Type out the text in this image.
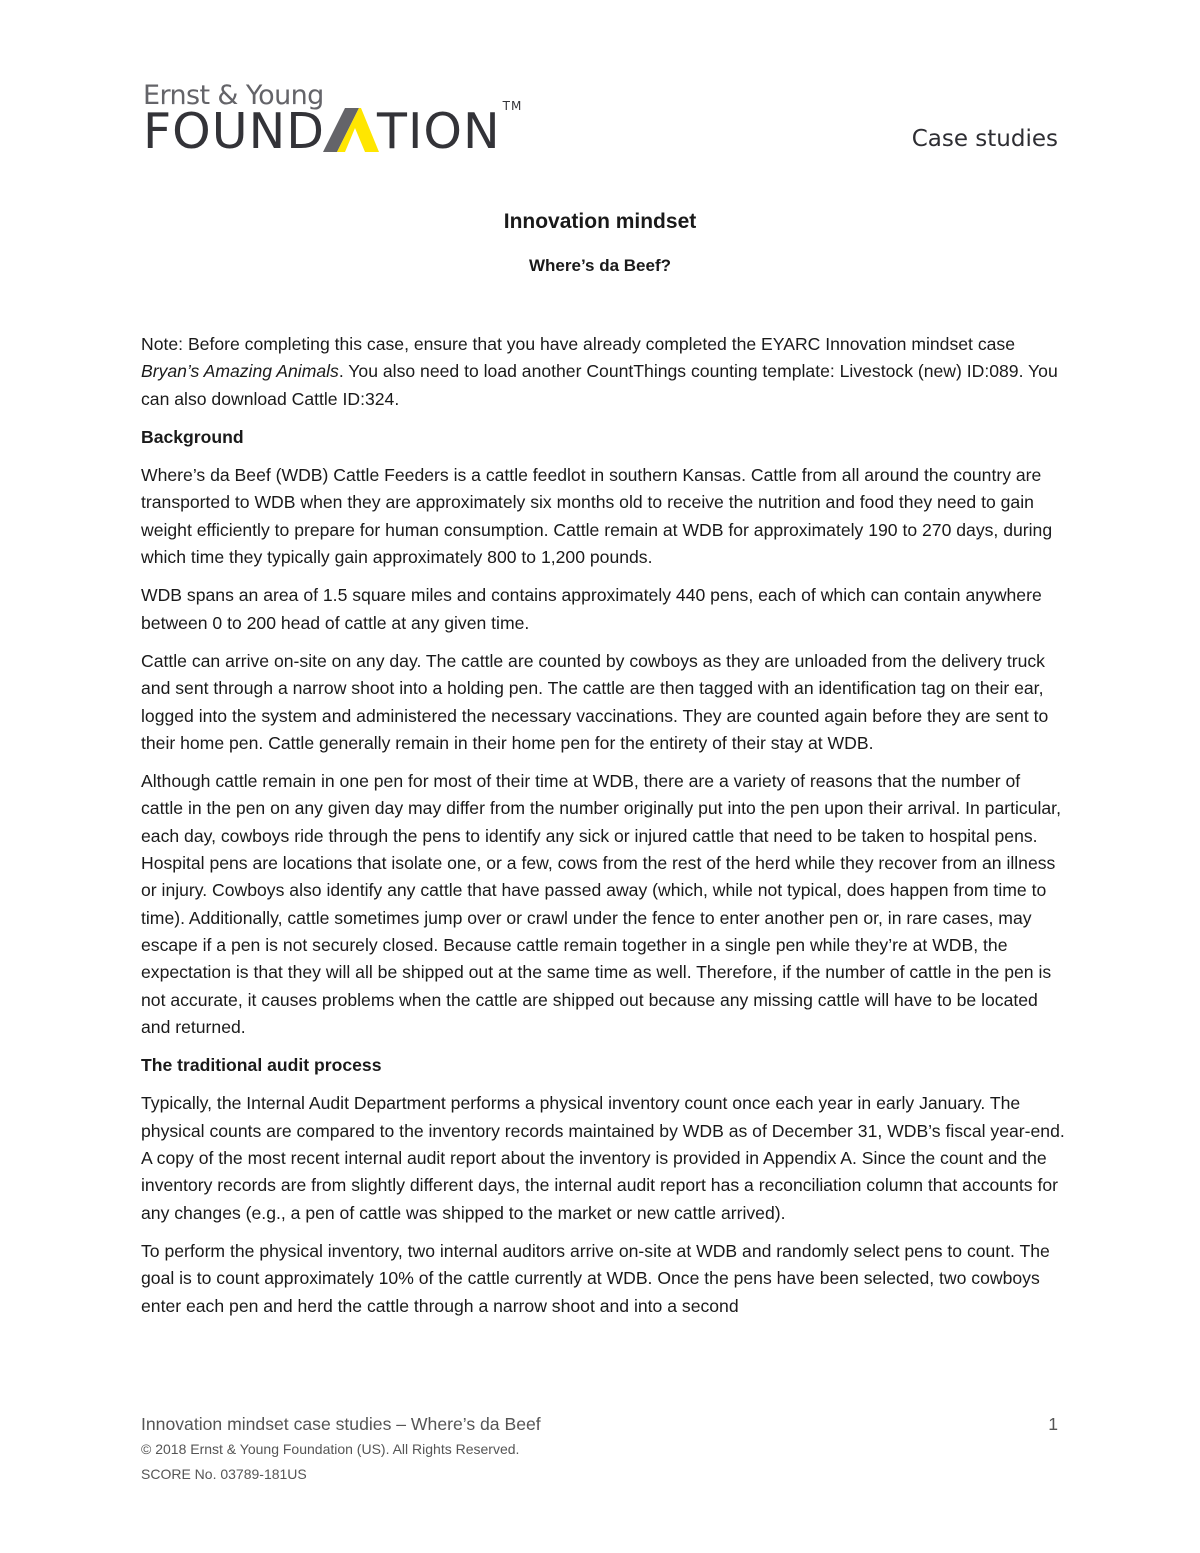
Ernst & Young
FOUND TION TM
Case studies
Innovation mindset
Where’s da Beef?

Note: Before completing this case, ensure that you have already completed the EYARC Innovation mindset case Bryan’s Amazing Animals. You also need to load another CountThings counting template: Livestock (new) ID:089. You can also download Cattle ID:324.

Background

Where’s da Beef (WDB) Cattle Feeders is a cattle feedlot in southern Kansas. Cattle from all around the country are transported to WDB when they are approximately six months old to receive the nutrition and food they need to gain weight efficiently to prepare for human consumption. Cattle remain at WDB for approximately 190 to 270 days, during which time they typically gain approximately 800 to 1,200 pounds.

WDB spans an area of 1.5 square miles and contains approximately 440 pens, each of which can contain anywhere between 0 to 200 head of cattle at any given time.

Cattle can arrive on-site on any day. The cattle are counted by cowboys as they are unloaded from the delivery truck and sent through a narrow shoot into a holding pen. The cattle are then tagged with an identification tag on their ear, logged into the system and administered the necessary vaccinations. They are counted again before they are sent to their home pen. Cattle generally remain in their home pen for the entirety of their stay at WDB.

Although cattle remain in one pen for most of their time at WDB, there are a variety of reasons that the number of cattle in the pen on any given day may differ from the number originally put into the pen upon their arrival. In particular, each day, cowboys ride through the pens to identify any sick or injured cattle that need to be taken to hospital pens. Hospital pens are locations that isolate one, or a few, cows from the rest of the herd while they recover from an illness or injury. Cowboys also identify any cattle that have passed away (which, while not typical, does happen from time to time). Additionally, cattle sometimes jump over or crawl under the fence to enter another pen or, in rare cases, may escape if a pen is not securely closed. Because cattle remain together in a single pen while they’re at WDB, the expectation is that they will all be shipped out at the same time as well. Therefore, if the number of cattle in the pen is not accurate, it causes problems when the cattle are shipped out because any missing cattle will have to be located and returned.

The traditional audit process

Typically, the Internal Audit Department performs a physical inventory count once each year in early January. The physical counts are compared to the inventory records maintained by WDB as of December 31, WDB’s fiscal year-end. A copy of the most recent internal audit report about the inventory is provided in Appendix A. Since the count and the inventory records are from slightly different days, the internal audit report has a reconciliation column that accounts for any changes (e.g., a pen of cattle was shipped to the market or new cattle arrived).

To perform the physical inventory, two internal auditors arrive on-site at WDB and randomly select pens to count. The goal is to count approximately 10% of the cattle currently at WDB. Once the pens have been selected, two cowboys enter each pen and herd the cattle through a narrow shoot and into a second

Innovation mindset case studies – Where’s da Beef	1
© 2018 Ernst & Young Foundation (US). All Rights Reserved.
SCORE No. 03789-181US
